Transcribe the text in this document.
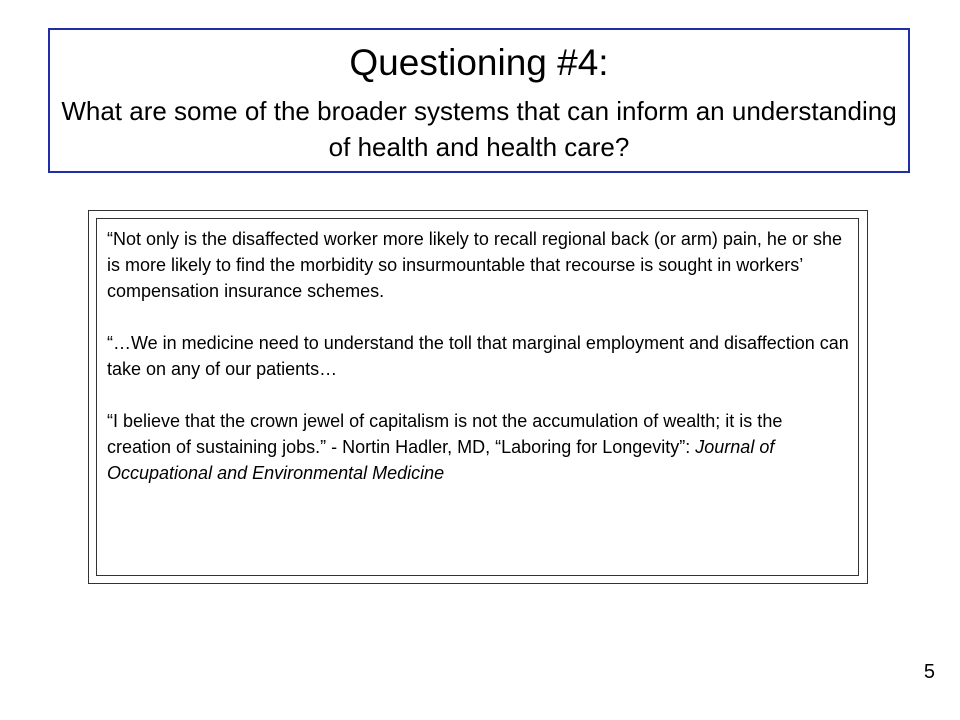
Questioning #4:

What are some of the broader systems that can inform an understanding of health and health care?

“Not only is the disaffected worker more likely to recall regional back (or arm) pain, he or she is more likely to find the morbidity so insurmountable that recourse is sought in workers’ compensation insurance schemes.

“…We in medicine need to understand the toll that marginal employment and disaffection can take on any of our patients…

“I believe that the crown jewel of capitalism is not the accumulation of wealth; it is the creation of sustaining jobs.” - Nortin Hadler, MD, “Laboring for Longevity”: Journal of Occupational and Environmental Medicine

5
